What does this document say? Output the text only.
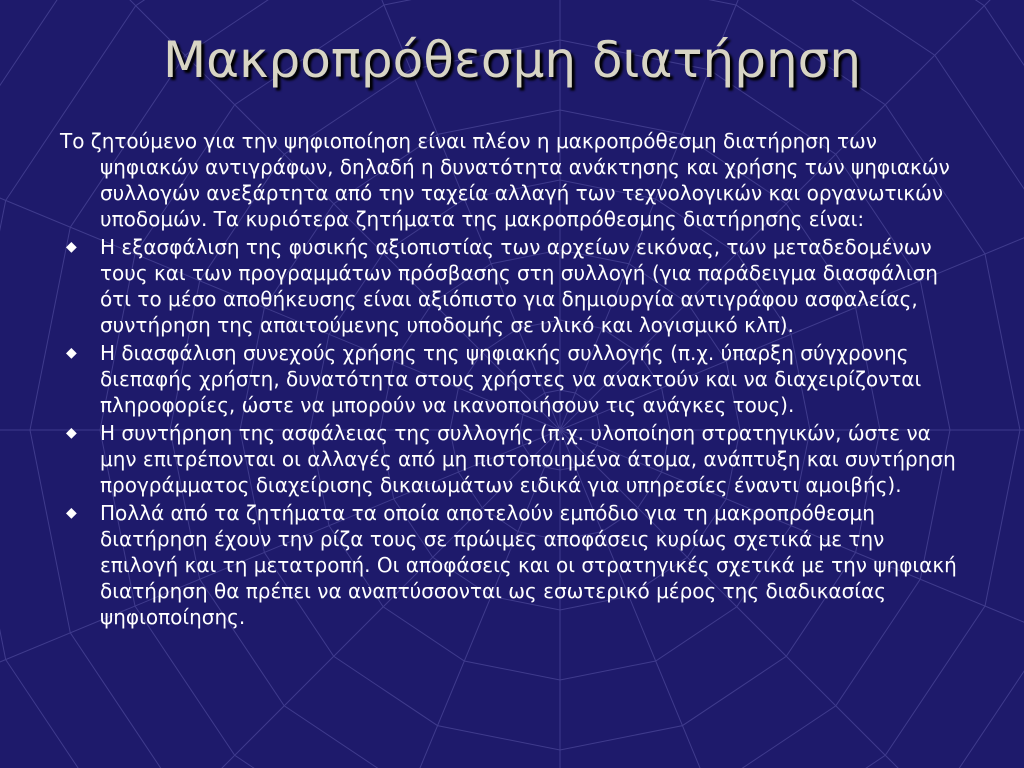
Μακροπρόθεσμη διατήρηση

Το ζητούμενο για την ψηφιοποίηση είναι πλέον η μακροπρόθεσμη διατήρηση των ψηφιακών αντιγράφων, δηλαδή η δυνατότητα ανάκτησης και χρήσης των ψηφιακών συλλογών ανεξάρτητα από την ταχεία αλλαγή των τεχνολογικών και οργανωτικών υποδομών. Τα κυριότερα ζητήματα της μακροπρόθεσμης διατήρησης είναι:

◆ Η εξασφάλιση της φυσικής αξιοπιστίας των αρχείων εικόνας, των μεταδεδομένων τους και των προγραμμάτων πρόσβασης στη συλλογή (για παράδειγμα διασφάλιση ότι το μέσο αποθήκευσης είναι αξιόπιστο για δημιουργία αντιγράφου ασφαλείας, συντήρηση της απαιτούμενης υποδομής σε υλικό και λογισμικό κλπ).
◆ Η διασφάλιση συνεχούς χρήσης της ψηφιακής συλλογής (π.χ. ύπαρξη σύγχρονης διεπαφής χρήστη, δυνατότητα στους χρήστες να ανακτούν και να διαχειρίζονται πληροφορίες, ώστε να μπορούν να ικανοποιήσουν τις ανάγκες τους).
◆ Η συντήρηση της ασφάλειας της συλλογής (π.χ. υλοποίηση στρατηγικών, ώστε να μην επιτρέπονται οι αλλαγές από μη πιστοποιημένα άτομα, ανάπτυξη και συντήρηση προγράμματος διαχείρισης δικαιωμάτων ειδικά για υπηρεσίες έναντι αμοιβής).
◆ Πολλά από τα ζητήματα τα οποία αποτελούν εμπόδιο για τη μακροπρόθεσμη διατήρηση έχουν την ρίζα τους σε πρώιμες αποφάσεις κυρίως σχετικά με την επιλογή και τη μετατροπή. Οι αποφάσεις και οι στρατηγικές σχετικά με την ψηφιακή διατήρηση θα πρέπει να αναπτύσσονται ως εσωτερικό μέρος της διαδικασίας ψηφιοποίησης.
